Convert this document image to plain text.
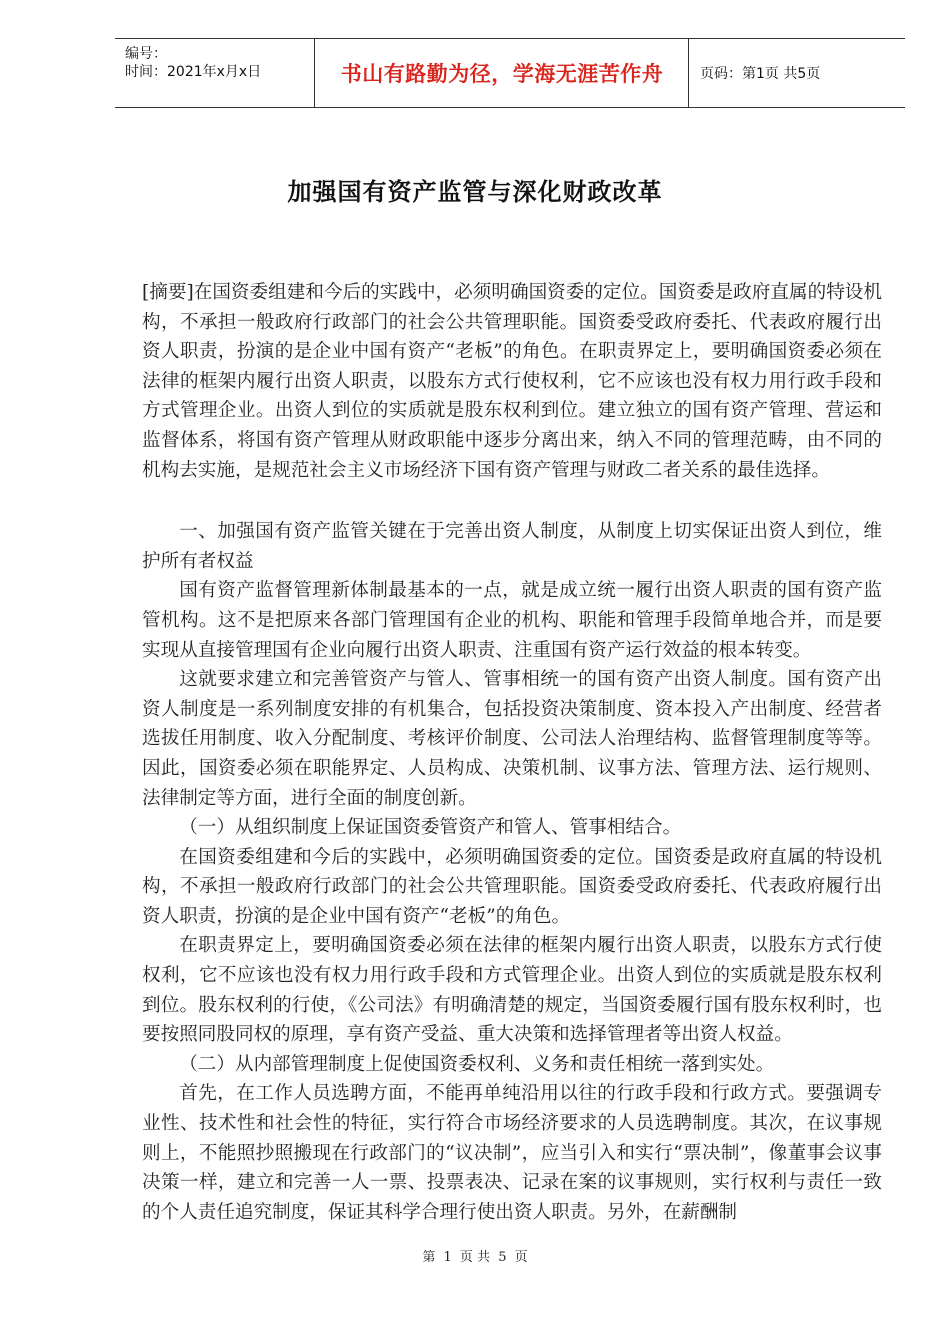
编号：
时间：2021年x月x日	书山有路勤为径，学海无涯苦作舟	页码：第1页 共5页
加强国有资产监管与深化财政改革

[摘要]在国资委组建和今后的实践中，必须明确国资委的定位。国资委是政府直属的特设机构，不承担一般政府行政部门的社会公共管理职能。国资委受政府委托、代表政府履行出资人职责，扮演的是企业中国有资产“老板”的角色。在职责界定上，要明确国资委必须在法律的框架内履行出资人职责，以股东方式行使权利，它不应该也没有权力用行政手段和方式管理企业。出资人到位的实质就是股东权利到位。建立独立的国有资产管理、营运和监督体系，将国有资产管理从财政职能中逐步分离出来，纳入不同的管理范畴，由不同的机构去实施，是规范社会主义市场经济下国有资产管理与财政二者关系的最佳选择。

一、加强国有资产监管关键在于完善出资人制度，从制度上切实保证出资人到位，维护所有者权益

国有资产监督管理新体制最基本的一点，就是成立统一履行出资人职责的国有资产监管机构。这不是把原来各部门管理国有企业的机构、职能和管理手段简单地合并，而是要实现从直接管理国有企业向履行出资人职责、注重国有资产运行效益的根本转变。

这就要求建立和完善管资产与管人、管事相统一的国有资产出资人制度。国有资产出资人制度是一系列制度安排的有机集合，包括投资决策制度、资本投入产出制度、经营者选拔任用制度、收入分配制度、考核评价制度、公司法人治理结构、监督管理制度等等。因此，国资委必须在职能界定、人员构成、决策机制、议事方法、管理方法、运行规则、法律制定等方面，进行全面的制度创新。

（一）从组织制度上保证国资委管资产和管人、管事相结合。

在国资委组建和今后的实践中，必须明确国资委的定位。国资委是政府直属的特设机构，不承担一般政府行政部门的社会公共管理职能。国资委受政府委托、代表政府履行出资人职责，扮演的是企业中国有资产“老板”的角色。

在职责界定上，要明确国资委必须在法律的框架内履行出资人职责，以股东方式行使权利，它不应该也没有权力用行政手段和方式管理企业。出资人到位的实质就是股东权利到位。股东权利的行使，《公司法》有明确清楚的规定，当国资委履行国有股东权利时，也要按照同股同权的原理，享有资产受益、重大决策和选择管理者等出资人权益。

（二）从内部管理制度上促使国资委权利、义务和责任相统一落到实处。

首先，在工作人员选聘方面，不能再单纯沿用以往的行政手段和行政方式。要强调专业性、技术性和社会性的特征，实行符合市场经济要求的人员选聘制度。其次，在议事规则上，不能照抄照搬现在行政部门的“议决制”，应当引入和实行“票决制”，像董事会议事决策一样，建立和完善一人一票、投票表决、记录在案的议事规则，实行权利与责任一致的个人责任追究制度，保证其科学合理行使出资人职责。另外，在薪酬制

第 1 页 共 5 页
